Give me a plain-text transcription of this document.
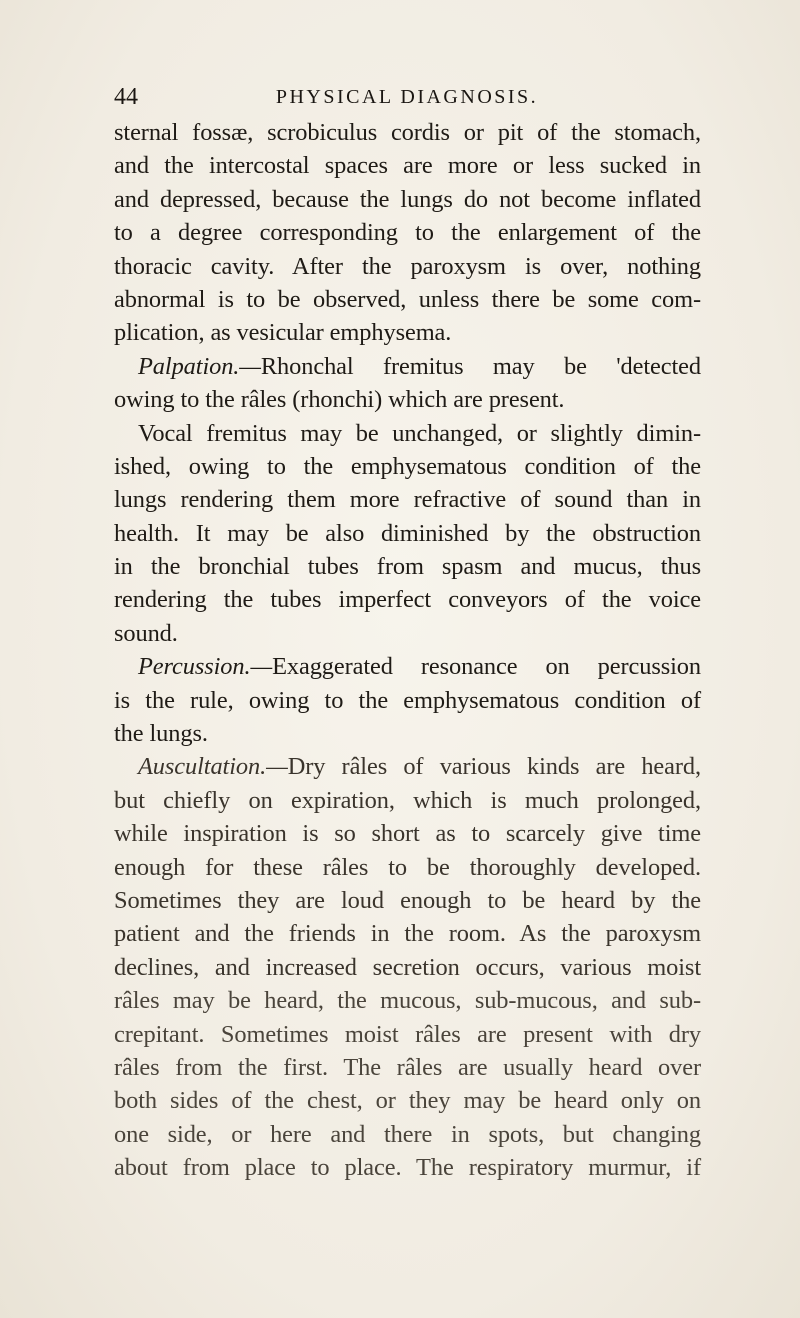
44	PHYSICAL DIAGNOSIS.
sternal fossæ, scrobiculus cordis or pit of the stomach,
and the intercostal spaces are more or less sucked in
and depressed, because the lungs do not become inflated
to a degree corresponding to the enlargement of the
thoracic cavity. After the paroxysm is over, nothing
abnormal is to be observed, unless there be some com-
plication, as vesicular emphysema.
Palpation.—Rhonchal fremitus may be 'detected
owing to the râles (rhonchi) which are present.
Vocal fremitus may be unchanged, or slightly dimin-
ished, owing to the emphysematous condition of the
lungs rendering them more refractive of sound than in
health. It may be also diminished by the obstruction
in the bronchial tubes from spasm and mucus, thus
rendering the tubes imperfect conveyors of the voice
sound.
Percussion.—Exaggerated resonance on percussion
is the rule, owing to the emphysematous condition of
the lungs.
Auscultation.—Dry râles of various kinds are heard,
but chiefly on expiration, which is much prolonged,
while inspiration is so short as to scarcely give time
enough for these râles to be thoroughly developed.
Sometimes they are loud enough to be heard by the
patient and the friends in the room. As the paroxysm
declines, and increased secretion occurs, various moist
râles may be heard, the mucous, sub-mucous, and sub-
crepitant. Sometimes moist râles are present with dry
râles from the first. The râles are usually heard over
both sides of the chest, or they may be heard only on
one side, or here and there in spots, but changing
about from place to place. The respiratory murmur, if
